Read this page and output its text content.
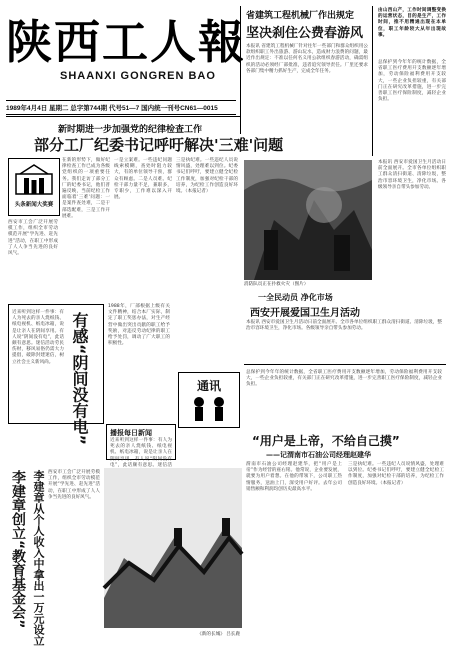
陕西工人報
SHAANXI GONGREN BAO
1989年4月4日 星期二 总字第744期 代号51—7 国内统一刊号CN61—0015
省建筑工程机械厂作出规定
坚决刹住公费春游风
本报讯 省建筑工程机械厂针对往年一些部门和群众组织用公款组织职工外出旅游、游山玩水，造成财力浪费的问题，最近作出规定：不准以任何名义用公款组织春游活动，确需组织的活动必须经厂部批准，违者追究领导责任。厂里还要求各部门集中精力抓好生产，完成全年任务。
由山西山产，工作时间调整变换的运营状态，目的是生产，工作时间，推不用精通出现在本单位，职工年龄较大从年出现故事。
总保护到今年年的统计数据，全省职工医疗费用开支数额逐年增加，劳动保险福利费用开支较大，一些企业负担较重，有关部门正在研究改革措施，进一步完善职工医疗保险制度，减轻企业负担。
新时期进一步加强党的纪律检查工作
部分工厂纪委书记呼吁解决'三难'问题
头条新闻大奖赛
在新的形势下，做好纪律检查工作已成为各级党组织的一项重要任务。我们走访了部分工厂的纪委书记，他们普遍反映，当前纪检工作面临着'三难'问题：一是案件查处难，二是干部选配难，三是工作开展难。
一是立案难。一些违纪问题线索模糊，查处时阻力较大，有的单位领导干预，群众有顾虑。二是人员难。纪检干部力量不足，兼职多，专职少，工作难以深入开展。
三是执纪难。一些违纪人员说情风盛，处理难以到位。纪委书记们呼吁，要建立健全纪检工作制度，加强对纪检干部的培养，为纪检工作创造良好环境。（本报记者）
西安市工会广泛开展劳模工作，组织全市劳动模范开展“学先进、赶先进”活动，在职工中形成了人人争当先进的良好风气。
有感“阴间没有电”
近来听到这样一件事：有人为死去的亲人烧纸钱、纸电视机、纸电冰箱，说是让亲人在阴间享用。有人说“阴间没有电”，此话颇有意思。迷信活动劳民伤财，移风易俗仍需大力提倡，破除封建迷信，树立社会主义新风尚。
1988年，厂部根据上级有关文件精神，结合本厂实际，制定了职工奖惩办法，对生产经营中做出突出贡献的职工给予奖励，对违反劳动纪律的职工给予处罚，调动了广大职工的积极性。
消防队员正在扑救火灾（图片）
本报讯 西安市爱国卫生月活动日前全面展开。全市各单位组织职工群众清扫街道、清除垃圾，整治市容环境卫生，净化市场。各级领导亲自带头参加劳动。
一全民动员 净化市场
西安开展爱国卫生月活动
本报讯 西安市爱国卫生月活动日前全面展开。全市各单位组织职工群众清扫街道、清除垃圾，整治市容环境卫生，净化市场。各级领导亲自带头参加劳动。
播报每日新闻
近来听到这样一件事：有人为死去的亲人烧纸钱、纸电视机、纸电冰箱，说是让亲人在阴间享用。有人说“阴间没有电”，此话颇有意思。迷信活
通讯
李建章从个人收入中拿出一万元设立
李建章创立“教育基金会”	西安市工会广泛开展劳模工作，组织全市劳动模范开展“学先进、赶先进”活动，在职工中形成了人人争当先进的良好风气。
《新的长城》 吕长鹿
总保护到今年年的统计数据，全省职工医疗费用开支数额逐年增加，劳动保险福利费用开支较大，一些企业负担较重，有关部门正在研究改革措施，进一步完善职工医疗保险制度，减轻企业负担。
“用户是上帝，不给自己摸”
——记渭南市石油公司经理赵建华
渭南市石油公司经理赵建华，把“用户是上帝”作为经营的座右铭。他常说，企业要发展，就要为用户着想。在他的带领下，公司职工热情服务，送油上门，深受用户好评。去年公司销售额和利润均创历史最高水平。
三是执纪难。一些违纪人员说情风盛，处理难以到位。纪委书记们呼吁，要建立健全纪检工作制度，加强对纪检干部的培养，为纪检工作创造良好环境。（本报记者）
